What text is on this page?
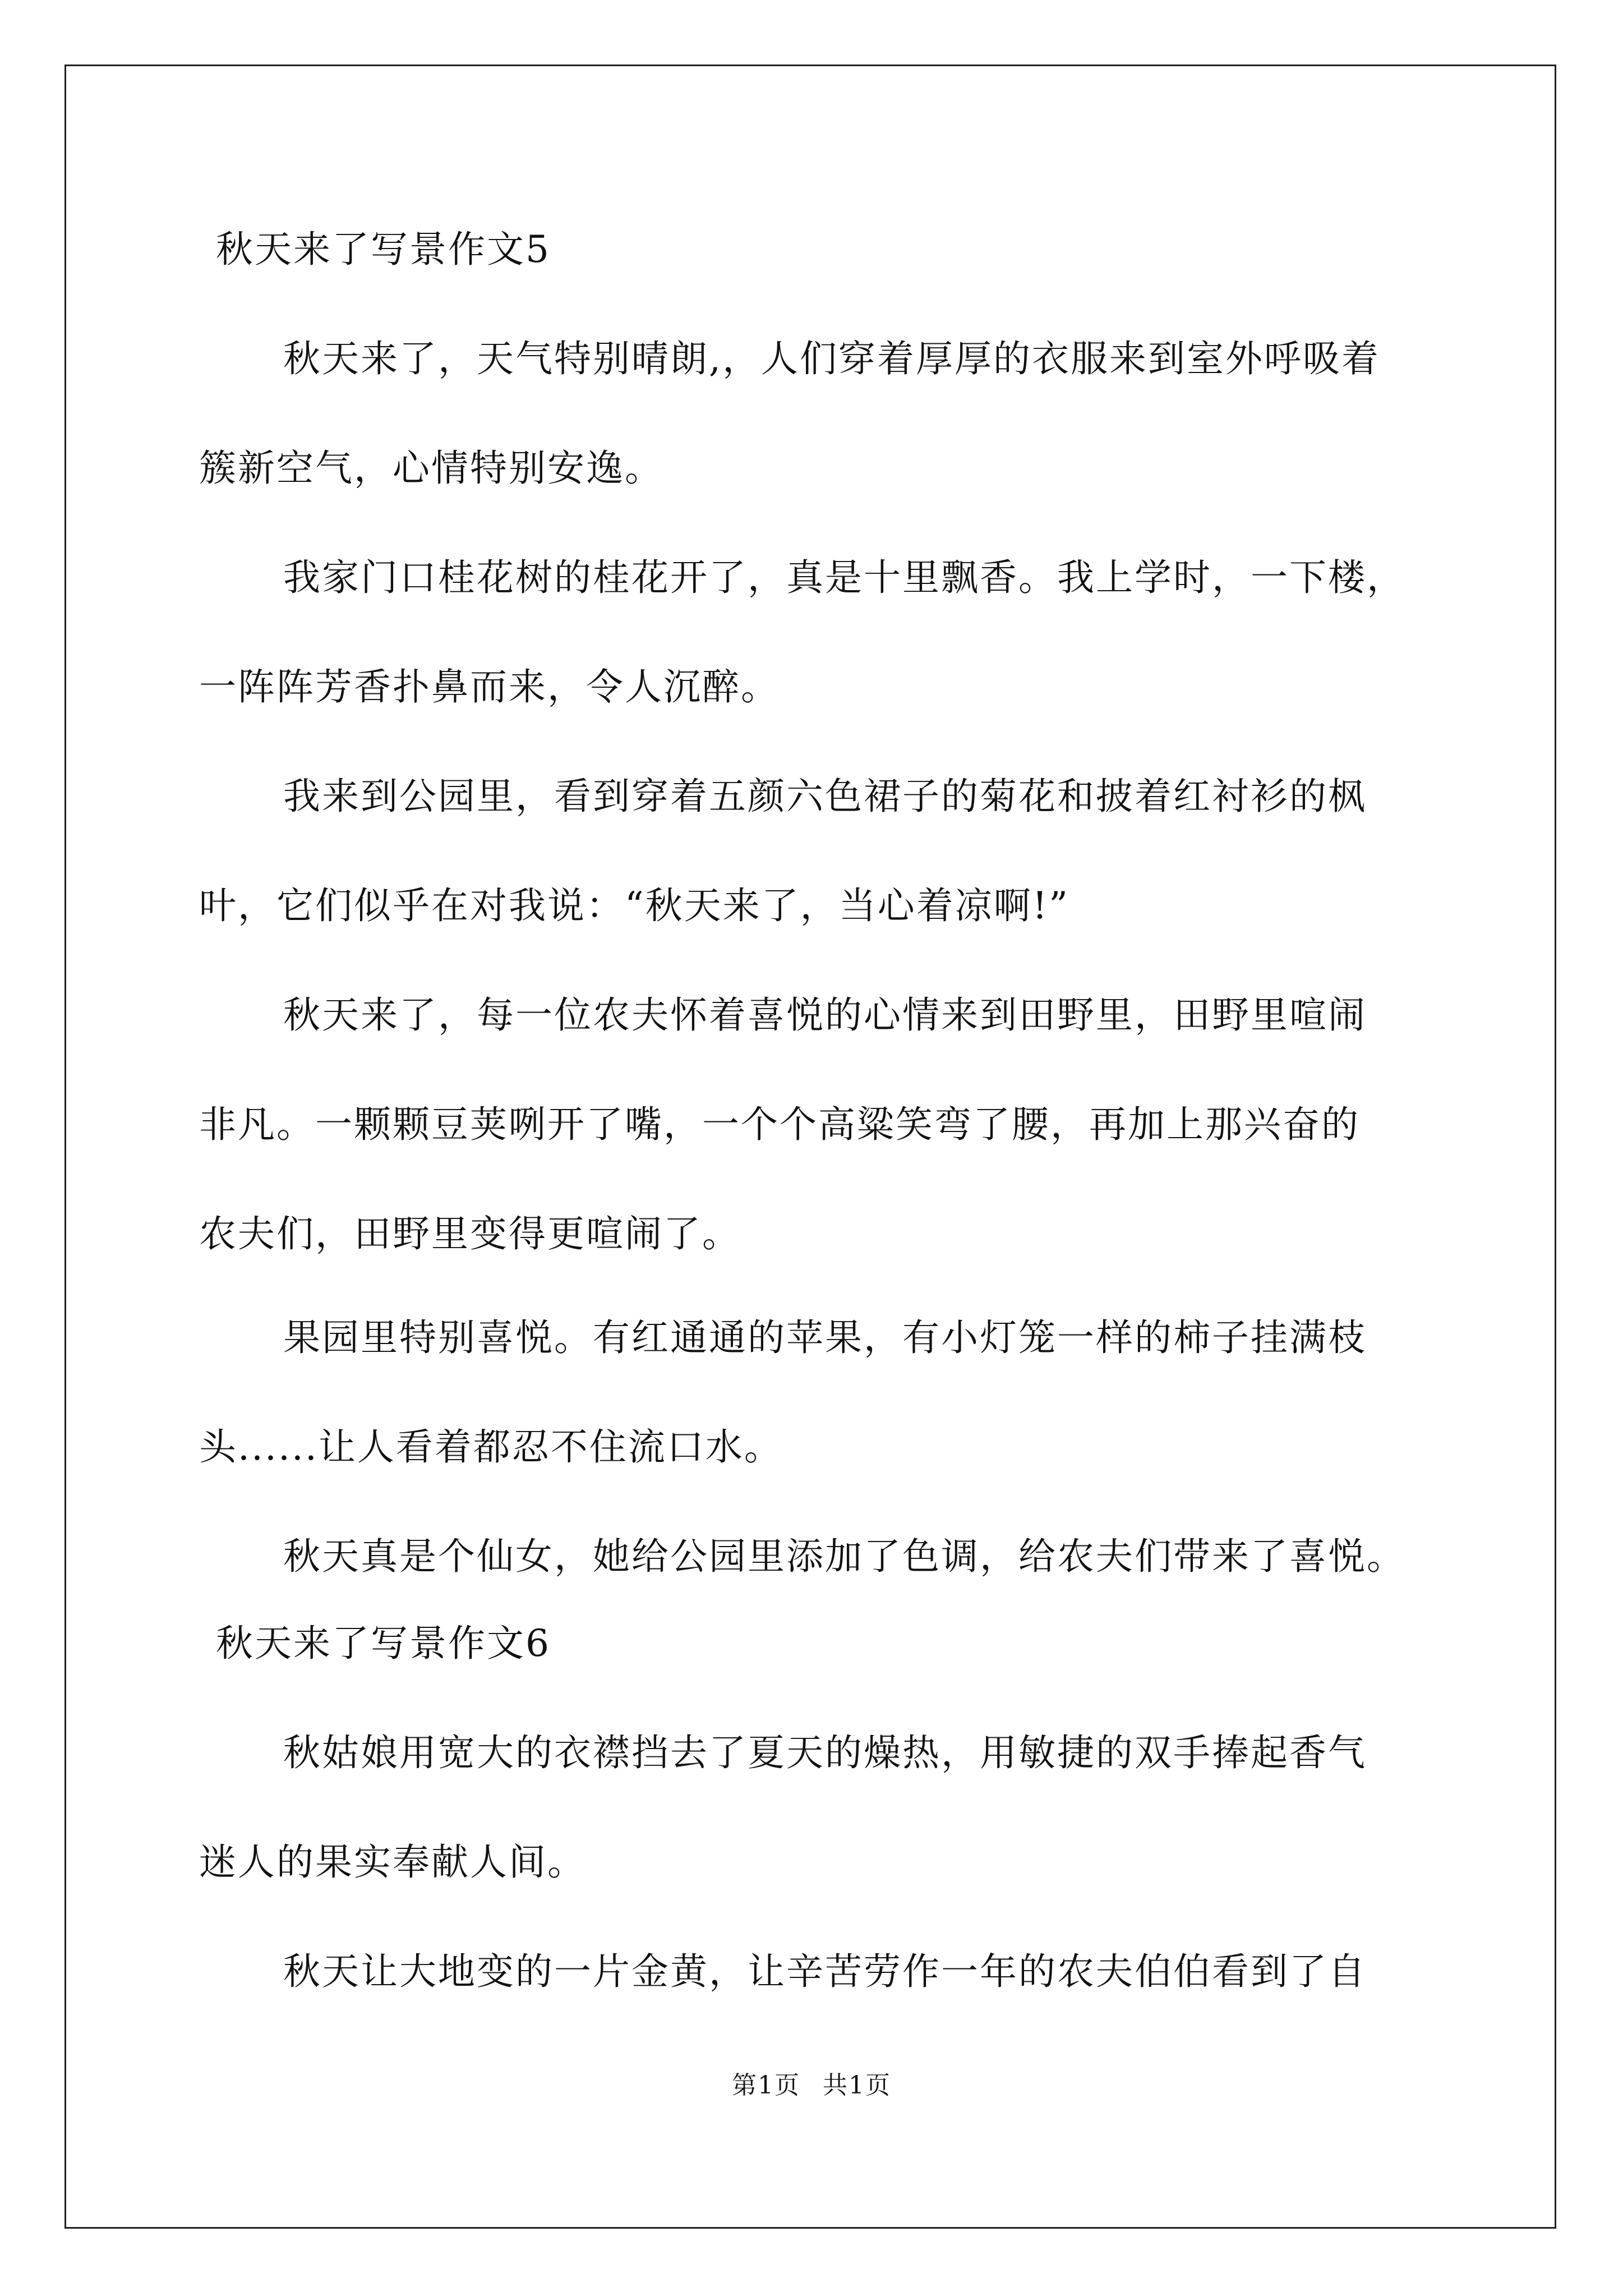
秋天来了写景作文5
秋天来了，天气特别晴朗,，人们穿着厚厚的衣服来到室外呼吸着
簇新空气，心情特别安逸。
我家门口桂花树的桂花开了，真是十里飘香。我上学时，一下楼，
一阵阵芳香扑鼻而来，令人沉醉。
我来到公园里，看到穿着五颜六色裙子的菊花和披着红衬衫的枫
叶，它们似乎在对我说：“秋天来了，当心着凉啊!”
秋天来了，每一位农夫怀着喜悦的心情来到田野里，田野里喧闹
非凡。一颗颗豆荚咧开了嘴，一个个高粱笑弯了腰，再加上那兴奋的
农夫们，田野里变得更喧闹了。
果园里特别喜悦。有红通通的苹果，有小灯笼一样的柿子挂满枝
头......让人看着都忍不住流口水。
秋天真是个仙女，她给公园里添加了色调，给农夫们带来了喜悦。
秋天来了写景作文6
秋姑娘用宽大的衣襟挡去了夏天的燥热，用敏捷的双手捧起香气
迷人的果实奉献人间。
秋天让大地变的一片金黄，让辛苦劳作一年的农夫伯伯看到了自
第1页 共1页
